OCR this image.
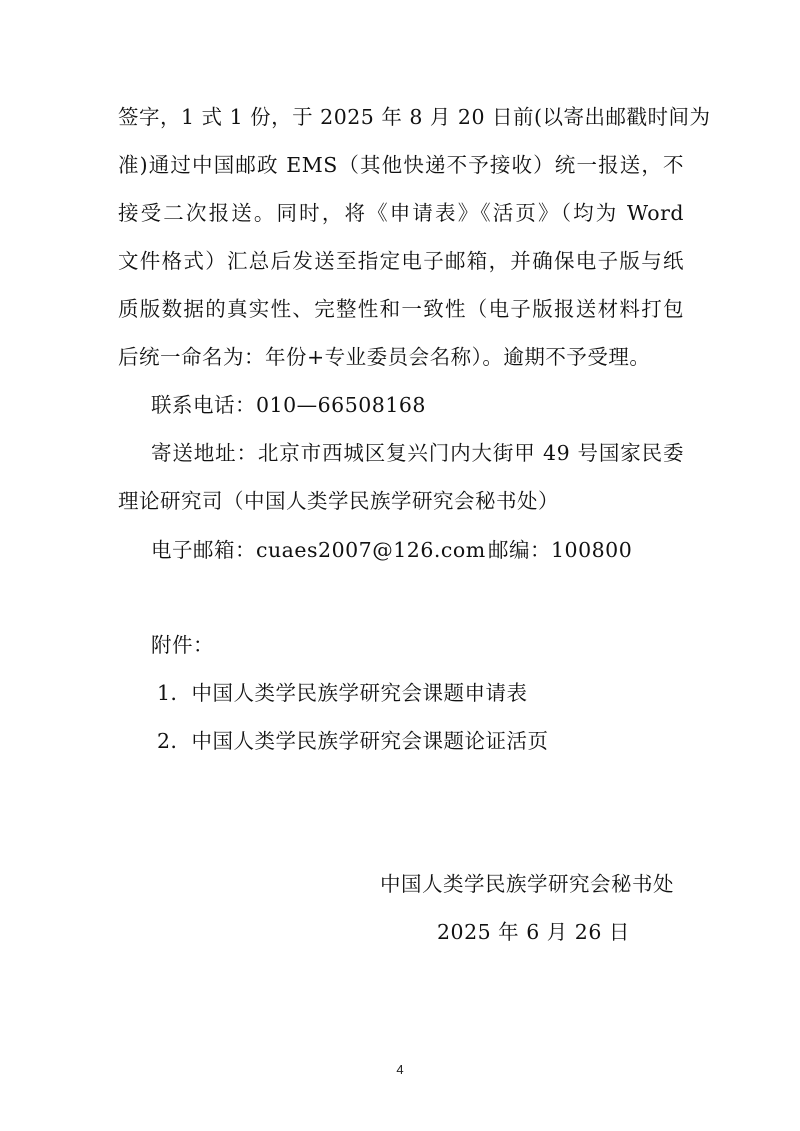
签字，1 式 1 份，于 2025 年 8 月 20 日前(以寄出邮戳时间为
准)通过中国邮政 EMS（其他快递不予接收）统一报送，不
接受二次报送。同时，将《申请表》《活页》（均为 Word
文件格式）汇总后发送至指定电子邮箱，并确保电子版与纸
质版数据的真实性、完整性和一致性（电子版报送材料打包
后统一命名为：年份+专业委员会名称）。逾期不予受理。
联系电话：010—66508168
寄送地址：北京市西城区复兴门内大街甲 49 号国家民委
理论研究司（中国人类学民族学研究会秘书处）
电子邮箱：cuaes2007@126.com 邮编：100800
附件：
1．中国人类学民族学研究会课题申请表
2．中国人类学民族学研究会课题论证活页
中国人类学民族学研究会秘书处
2025 年 6 月 26 日
4
